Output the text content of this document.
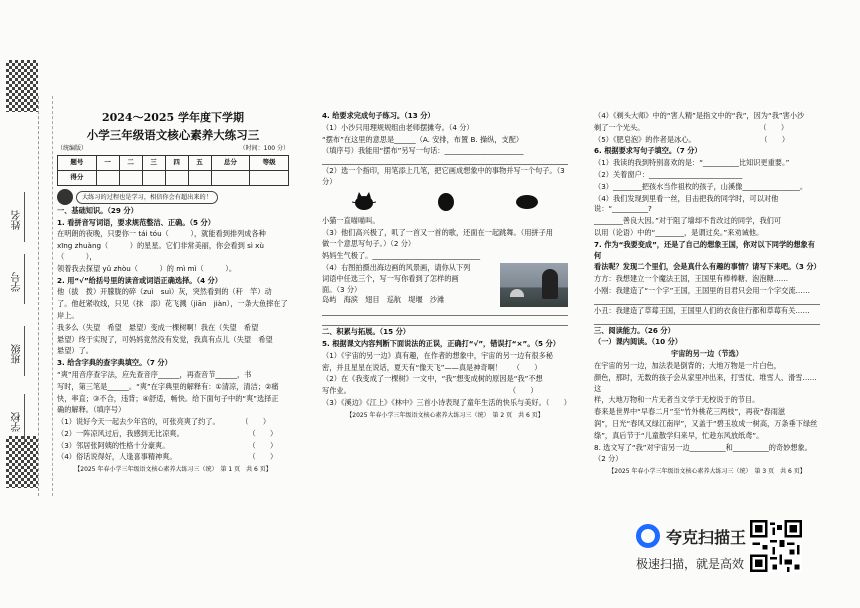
姓名
学号
班级
学校
2024～2025 学年度下学期
小学三年级语文核心素养大练习三
（统编版）	（时间：100 分）
题号	一	二	三	四	五	总分	等级
得分							
大练习的过程也是学习，相信你会有超出来的！
一、基础知识。（29 分）
1. 看拼音写词语，要求规范整洁、正确。（5 分）
在明朗的夜晚，只要你一 tái tóu（　　　），就能看到排列成各种
xīng zhuàng（　　　）的星星。它们非常美丽，你会看到 sì xù（　　　），
领着我去探望 yǔ zhòu（　　　）的 mì mì（　　　）。
2. 用“√”给括号里的读音或词语正确选择。（4 分）
他（拔　拨）开朦胧的碎（zuì　suì）灰，突然看到的（秆　竿）动
了。他赶紧收线，只见（抹　添）花飞溅（jiān　jiàn），一条大鱼摔在了
岸上。
我多么（失望　希望　悬望）变成一棵树啊！我在（失望　希望
悬望）终于实现了，可妈妈竟然没有发觉，我真有点儿（失望　希望
悬望）了。
3. 给含字典的查字典填空。（7 分）
“爽”用音序查字法，应先查音序______，再查音节______，书
写时，第三笔是______。“爽”在字典里的解释有：①清凉，清洁；②痛
快，率直；③不合，违背；④舒适，畅快。给下面句子中的“爽”选择正
确的解释。（填序号）
（1）说好今天一起去少年宫的，可张亮爽了约了。　　　　（　　）
（2）一阵凉风过后，我感到无比凉爽。　　　　　　　　　　（　　）
（3）邻居张阿姨的性格十分豪爽。　　　　　　　　　　　　（　　）
（4）俗话说得好，人逢喜事精神爽。　　　　　　　　　　　（　　）
【2025 年春小学三年级语文核心素养大练习三（统）　第 1 页　共 6 页】
4. 给要求完成句子练习。（13 分）
（1）小沙只用理规规组由老师摆摊夸。（4 分）
“摆布”在这里的意思是______（A. 安排，布置 B. 操纵，支配）
（填序号）我能用“摆布”另写一句话：______________________
（2）选一个指印，用笔添上几笔，把它画成想象中的事物并写一个句子。（3 分）
小猫一直喵喵叫。
（3）他们高兴极了，叽了一首又一首的歌，还面在一起跳舞。（用拼子用
做一个意思写句子。）（2 分）
妈妈生气极了。______________________________
（4）右图拍摄出海边画的风景画，请你从下列
词语中任选三个，写一写你看到了怎样的画
面。（3 分）
岛屿　海滨　翅目　巡航　堤堰　沙滩
二、积累与拓展。（15 分）
5. 根据课文内容判断下面说法的正误，正确打“√”，错误打“×”。（5 分）
（1）《宇宙的另一边》真有趣，在作者的想象中，宇宙的另一边有很多秘
密，并且星星在说话，夏天有“像天飞”——真是神奇啊！　　（　　）
（2）在《我变成了一棵树》一文中，“我”想变成树的原因是“我”不想
写作业。　　　　　　　　　　　　　　　　　　　　　　　（　　）
（3）《溪边》《江上》《林中》三首小诗表现了童年生活的快乐与美好。（　　）
【2025 年春小学三年级语文核心素养大练习三（统）　第 2 页　共 6 页】
（4）《剃头大师》中的“害人精”是指文中的“我”，因为“我”害小沙
剃了一个光头。　　　　　　　　　　　　　　　　　（　　）
（5）《肥皂泡》的作者是冰心。　　　　　　　　　　（　　）
6. 根据要求写句子填空。（7 分）
（1）我读的我到特别喜欢的是：“__________比知识更重要。”
（2）关着窗户：__________________________
（3）________把孩水当作祖枚的孩子，山溪像________________。
（4）我们发现到里看一丝，目击把我的同学时，可以对他说：“__________?
________善良大因。”对于阻了墙却不肯改过的同学，我们可
以用（论语）中的“________，是谓过矣。”来劝诫他。
7. 作为“我要变成”，还是了自己的想象王国，你对以下同学的想象有何
看法呢？发现二个里们，会是真什么有趣的事情？请写下来吧。（3 分）
方方：我想建立一个魔法王国，王国里有棒棒糖、泡泡糖……
小刚：我建造了“一个字”王国，王国里的目君只会用一个字交流……
小丑：我建造了草莓王国，王国里人们的衣食住行都和草莓有关……
三、阅读能力。（26 分）
（一）课内阅读。（10 分）
宇宙的另一边（节选）
在宇宙的另一边，加法表是倒背的；大地万物是一片白色，
颜色，那时，无数的孩子会从家里冲出来，打雪仗、堆雪人、滑雪……这
样，大地万物和一片无者当文学于无校说于的节目。
春来是世界中“早春二月”至“竹外桃花三两枝”，再夜“春雨滋
润”，日光“春风又绿江南岸”，又盖于“碧玉妆成一树高，万条垂下绿丝
绦”，真后节于“儿童散学归来早，忙趁东风放纸鸢”。
8. 选文写了“我”对宇宙另一边__________和__________的奇妙想象。
（2 分）
【2025 年春小学三年级语文核心素养大练习三（统）　第 3 页　共 6 页】
夸克扫描王
极速扫描，就是高效
